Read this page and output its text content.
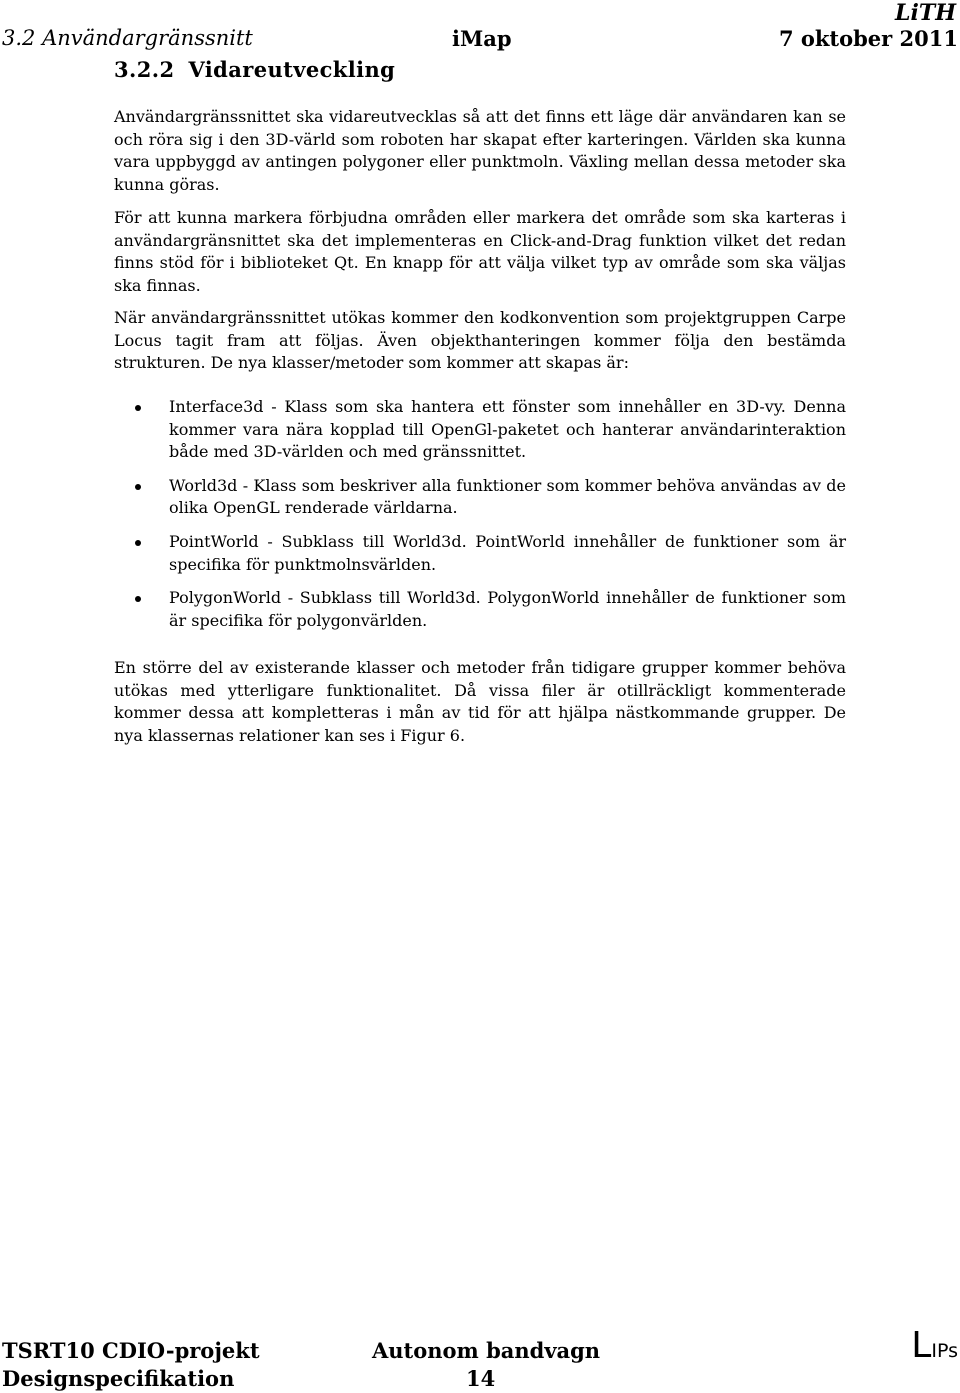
LiTH
3.2 Användargränssnitt	iMap	7 oktober 2011
3.2.2 Vidareutveckling

Användargränssnittet ska vidareutvecklas så att det finns ett läge där användaren kan se och röra sig i den 3D-värld som roboten har skapat efter karteringen. Världen ska kunna vara uppbyggd av antingen polygoner eller punktmoln. Växling mellan dessa metoder ska kunna göras.

För att kunna markera förbjudna områden eller markera det område som ska karteras i användargränsnittet ska det implementeras en Click-and-Drag funktion vilket det redan finns stöd för i biblioteket Qt. En knapp för att välja vilket typ av område som ska väljas ska finnas.

När användargränssnittet utökas kommer den kodkonvention som projektgruppen Carpe Locus tagit fram att följas. Även objekthanteringen kommer följa den bestämda strukturen. De nya klasser/metoder som kommer att skapas är:

Interface3d - Klass som ska hantera ett fönster som innehåller en 3D-vy. Denna kommer vara nära kopplad till OpenGl-paketet och hanterar användarinteraktion både med 3D-världen och med gränssnittet.
World3d - Klass som beskriver alla funktioner som kommer behöva användas av de olika OpenGL renderade världarna.
PointWorld - Subklass till World3d. PointWorld innehåller de funktioner som är specifika för punktmolnsvärlden.
PolygonWorld - Subklass till World3d. PolygonWorld innehåller de funktioner som är specifika för polygonvärlden.

En större del av existerande klasser och metoder från tidigare grupper kommer behöva utökas med ytterligare funktionalitet. Då vissa filer är otillräckligt kommenterade kommer dessa att kompletteras i mån av tid för att hjälpa nästkommande grupper. De nya klassernas relationer kan ses i Figur 6.

TSRT10 CDIO-projekt
Designspecifikation
Autonom bandvagn
14
LIPs
